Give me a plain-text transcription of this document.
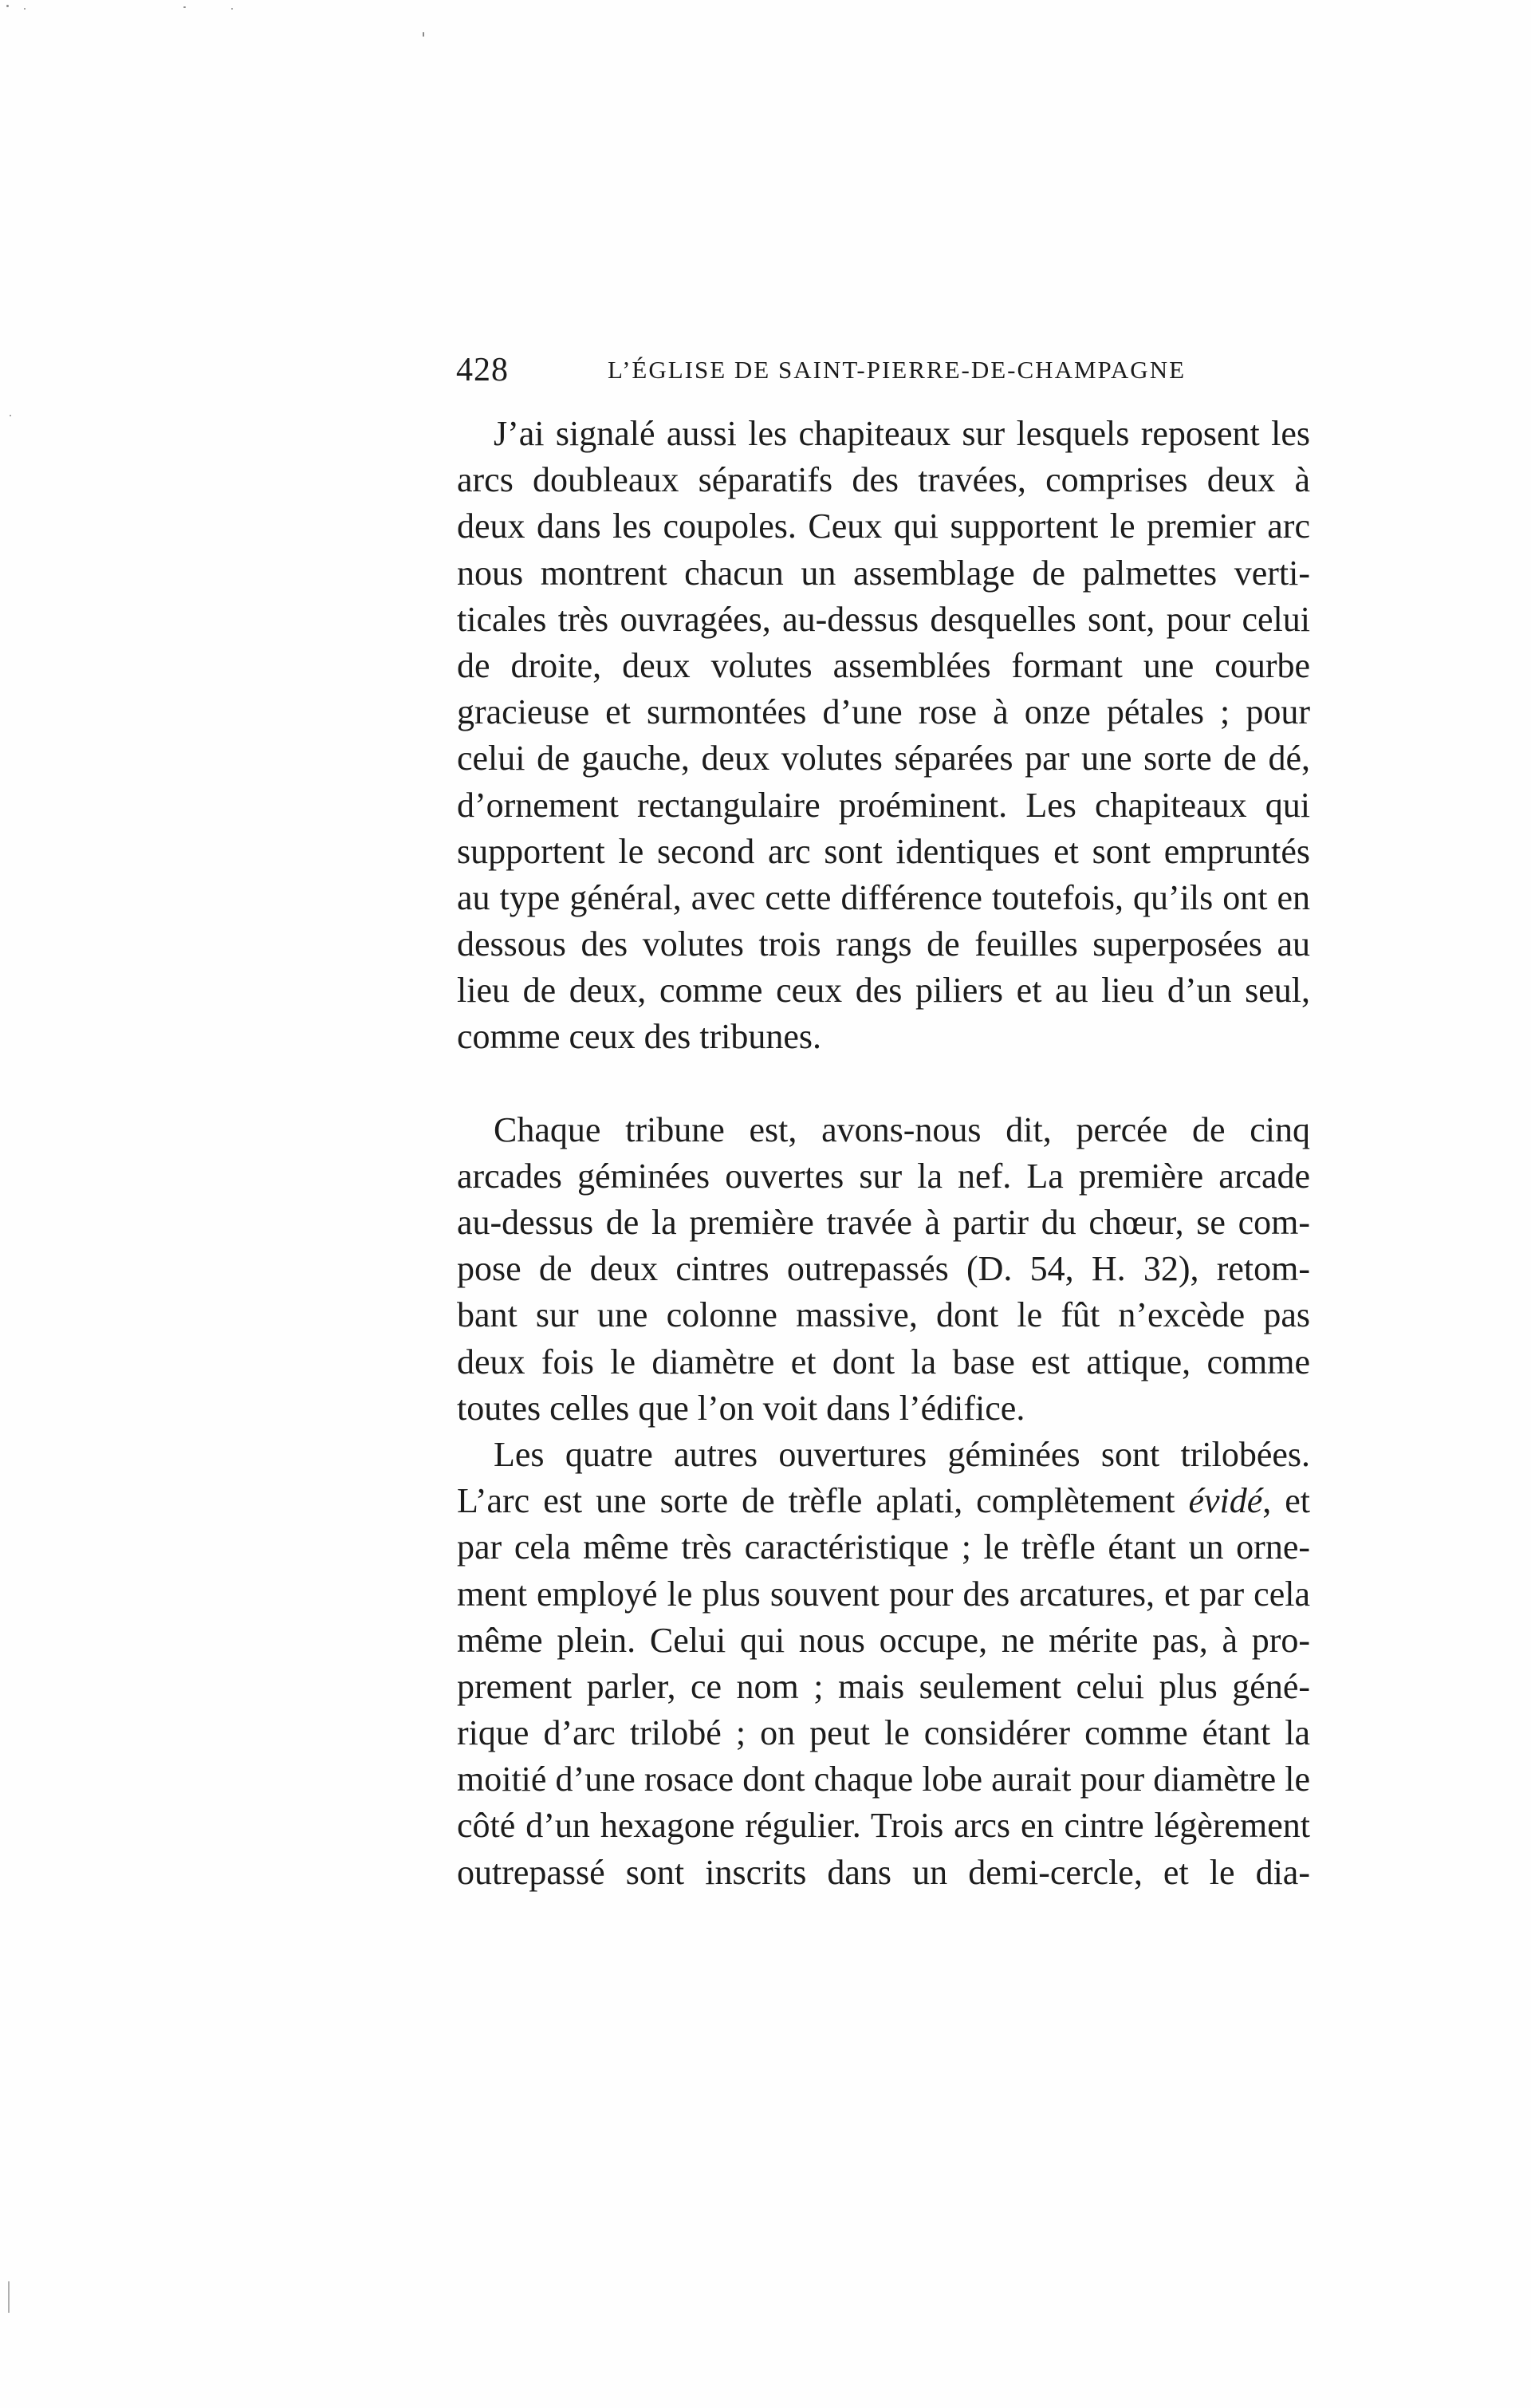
428	L’ÉGLISE DE SAINT-PIERRE-DE-CHAMPAGNE
J’ai signalé aussi les chapiteaux sur lesquels reposent les
arcs doubleaux séparatifs des travées, comprises deux à
deux dans les coupoles. Ceux qui supportent le premier arc
nous montrent chacun un assemblage de palmettes verti-
ticales très ouvragées, au-dessus desquelles sont, pour celui
de droite, deux volutes assemblées formant une courbe
gracieuse et surmontées d’une rose à onze pétales ; pour
celui de gauche, deux volutes séparées par une sorte de dé,
d’ornement rectangulaire proéminent. Les chapiteaux qui
supportent le second arc sont identiques et sont empruntés
au type général, avec cette différence toutefois, qu’ils ont en
dessous des volutes trois rangs de feuilles superposées au
lieu de deux, comme ceux des piliers et au lieu d’un seul,
comme ceux des tribunes.
Chaque tribune est, avons-nous dit, percée de cinq
arcades géminées ouvertes sur la nef. La première arcade
au-dessus de la première travée à partir du chœur, se com-
pose de deux cintres outrepassés (D. 54, H. 32), retom-
bant sur une colonne massive, dont le fût n’excède pas
deux fois le diamètre et dont la base est attique, comme
toutes celles que l’on voit dans l’édifice.
Les quatre autres ouvertures géminées sont trilobées.
L’arc est une sorte de trèfle aplati, complètement évidé, et
par cela même très caractéristique ; le trèfle étant un orne-
ment employé le plus souvent pour des arcatures, et par cela
même plein. Celui qui nous occupe, ne mérite pas, à pro-
prement parler, ce nom ; mais seulement celui plus géné-
rique d’arc trilobé ; on peut le considérer comme étant la
moitié d’une rosace dont chaque lobe aurait pour diamètre le
côté d’un hexagone régulier. Trois arcs en cintre légèrement
outrepassé sont inscrits dans un demi-cercle, et le dia-
